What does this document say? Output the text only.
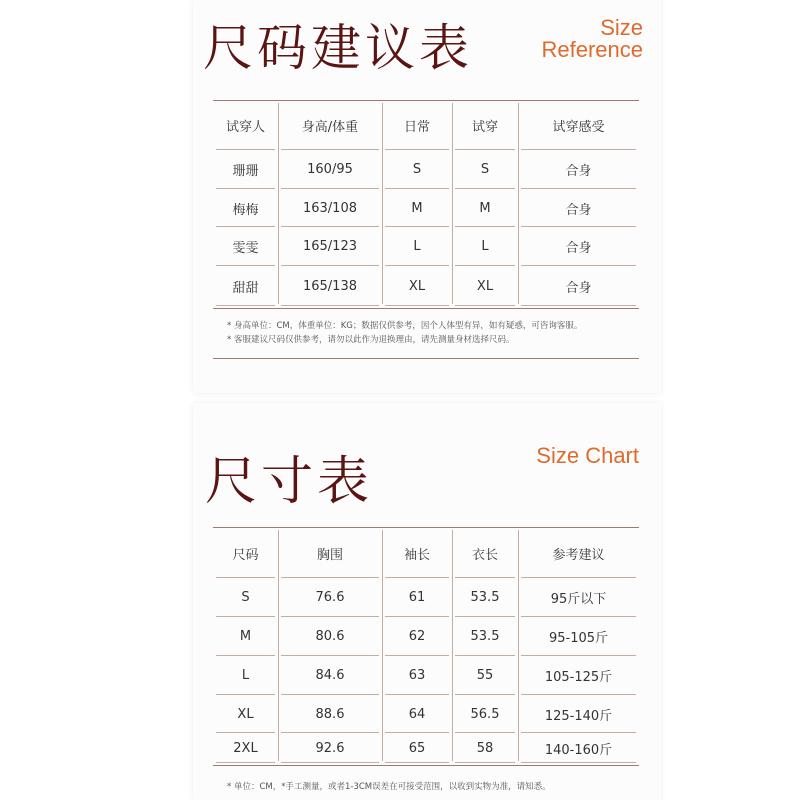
尺码建议表	Size
Reference
试穿人	身高/体重	日常	试穿	试穿感受
珊珊	160/95	S	S	合身
梅梅	163/108	M	M	合身
雯雯	165/123	L	L	合身
甜甜	165/138	XL	XL	合身
* 身高单位：CM，体重单位：KG；数据仅供参考，因个人体型有异，如有疑惑，可咨询客服。
* 客服建议尺码仅供参考，请勿以此作为退换理由，请先测量身材选择尺码。
尺寸表	Size Chart
尺码	胸围	袖长	衣长	参考建议
S	76.6	61	53.5	95斤以下
M	80.6	62	53.5	95-105斤
L	84.6	63	55	105-125斤
XL	88.6	64	56.5	125-140斤
2XL	92.6	65	58	140-160斤
* 单位：CM，*手工测量，或者1-3CM误差在可接受范围，以收到实物为准，请知悉。
